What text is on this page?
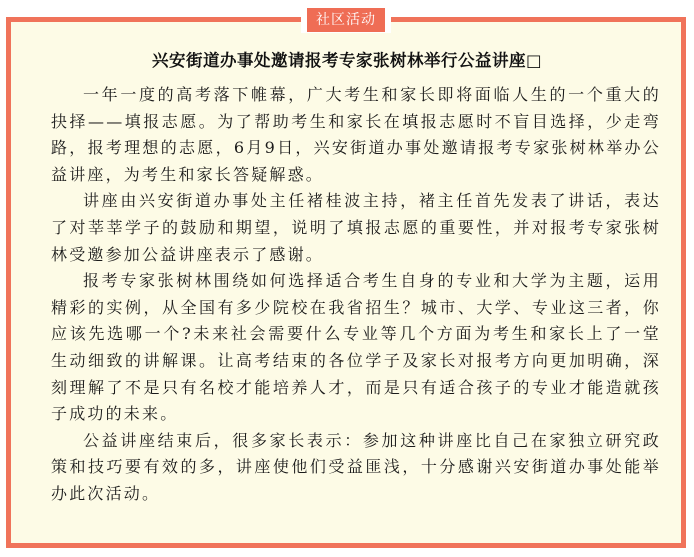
社区活动
兴安街道办事处邀请报考专家张树林举行公益讲座□

一年一度的高考落下帷幕，广大考生和家长即将面临人生的一个重大的抉择——填报志愿。为了帮助考生和家长在填报志愿时不盲目选择，少走弯路，报考理想的志愿，6月9日，兴安街道办事处邀请报考专家张树林举办公益讲座，为考生和家长答疑解惑。

讲座由兴安街道办事处主任褚桂波主持，褚主任首先发表了讲话，表达了对莘莘学子的鼓励和期望，说明了填报志愿的重要性，并对报考专家张树林受邀参加公益讲座表示了感谢。

报考专家张树林围绕如何选择适合考生自身的专业和大学为主题，运用精彩的实例，从全国有多少院校在我省招生？城市、大学、专业这三者，你应该先选哪一个?未来社会需要什么专业等几个方面为考生和家长上了一堂生动细致的讲解课。让高考结束的各位学子及家长对报考方向更加明确，深刻理解了不是只有名校才能培养人才，而是只有适合孩子的专业才能造就孩子成功的未来。

公益讲座结束后，很多家长表示：参加这种讲座比自己在家独立研究政策和技巧要有效的多，讲座使他们受益匪浅，十分感谢兴安街道办事处能举办此次活动。
